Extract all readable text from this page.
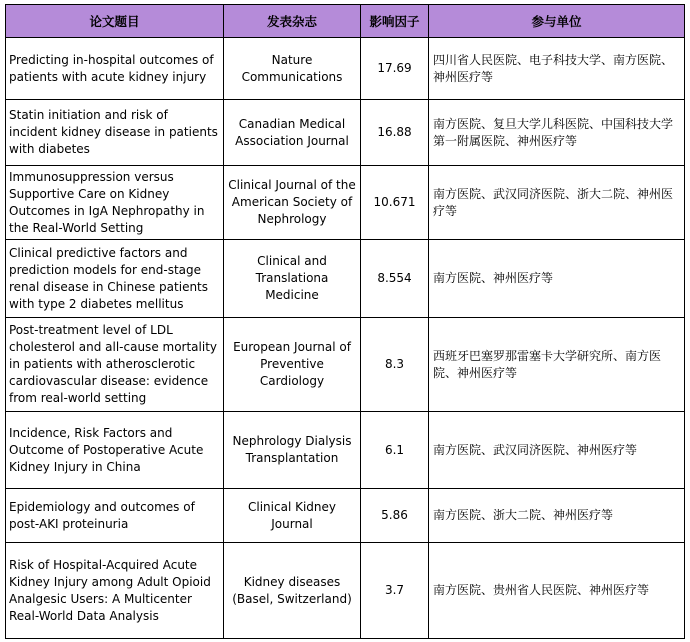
论文题目	发表杂志	影响因子	参与单位
Predicting in-hospital outcomes of patients with acute kidney injury	Nature Communications	17.69	四川省人民医院、电子科技大学、南方医院、神州医疗等
Statin initiation and risk of incident kidney disease in patients with diabetes	Canadian Medical Association Journal	16.88	南方医院、复旦大学儿科医院、中国科技大学第一附属医院、神州医疗等
Immunosuppression versus Supportive Care on Kidney Outcomes in IgA Nephropathy in the Real-World Setting	Clinical Journal of the American Society of Nephrology	10.671	南方医院、武汉同济医院、浙大二院、神州医疗等
Clinical predictive factors and prediction models for end-stage renal disease in Chinese patients with type 2 diabetes mellitus	Clinical and Translationa Medicine	8.554	南方医院、神州医疗等
Post-treatment level of LDL cholesterol and all-cause mortality in patients with atherosclerotic cardiovascular disease: evidence from real-world setting	European Journal of Preventive Cardiology	8.3	西班牙巴塞罗那雷塞卡大学研究所、南方医院、神州医疗等
Incidence, Risk Factors and Outcome of Postoperative Acute Kidney Injury in China	Nephrology Dialysis Transplantation	6.1	南方医院、武汉同济医院、神州医疗等
Epidemiology and outcomes of post-AKI proteinuria	Clinical Kidney Journal	5.86	南方医院、浙大二院、神州医疗等
Risk of Hospital-Acquired Acute Kidney Injury among Adult Opioid Analgesic Users: A Multicenter Real-World Data Analysis	Kidney diseases (Basel, Switzerland)	3.7	南方医院、贵州省人民医院、神州医疗等
